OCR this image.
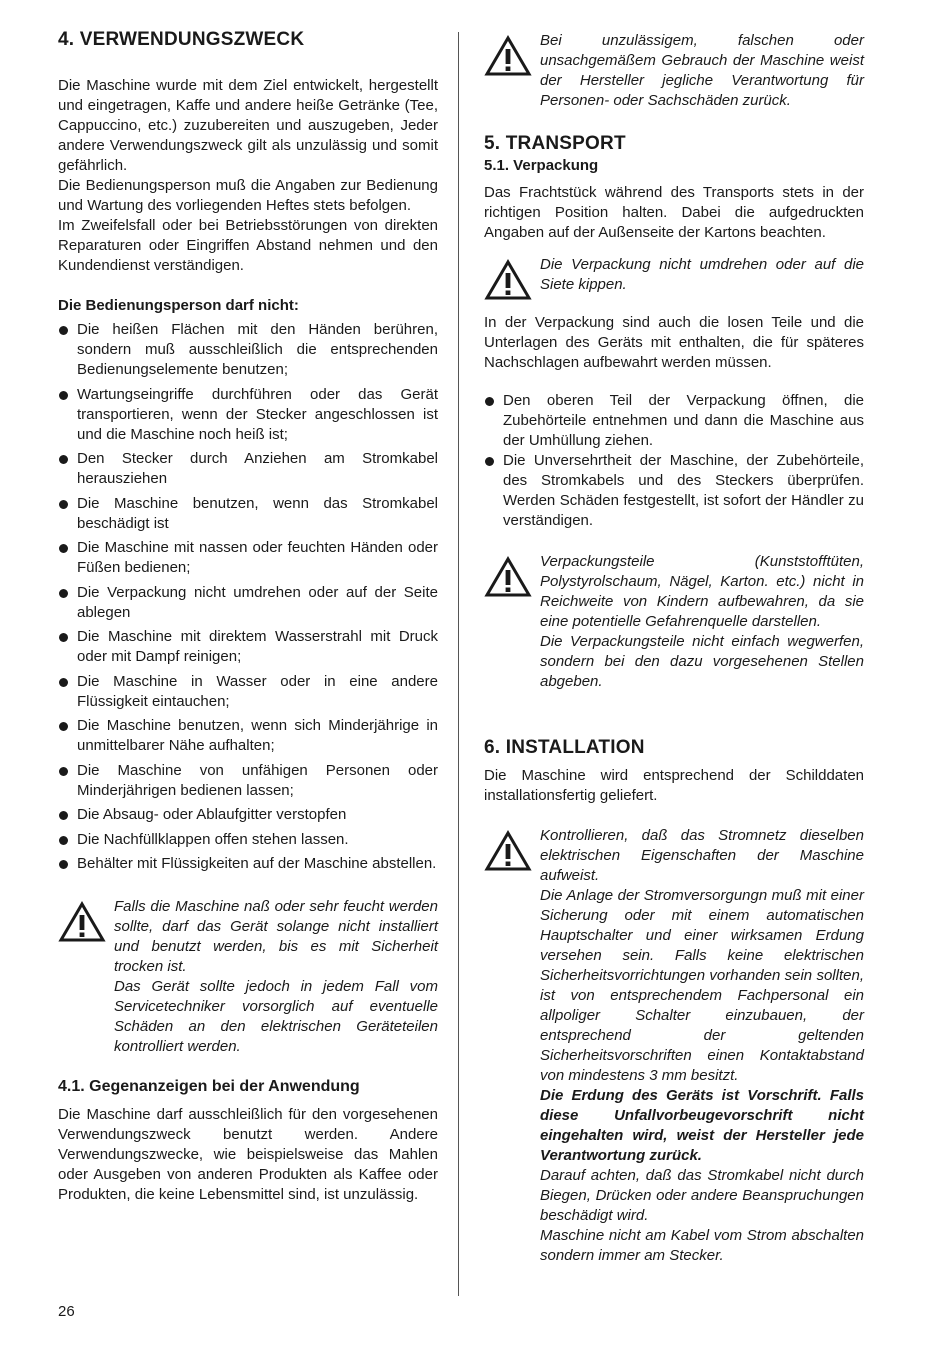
4. VERWENDUNGSZWECK

Die Maschine wurde mit dem Ziel entwickelt, hergestellt und eingetragen, Kaffe und andere heiße Getränke (Tee, Cappuccino, etc.) zuzubereiten und auszugeben, Jeder andere Verwendungszweck gilt als unzulässig und somit gefährlich.

Die Bedienungsperson muß die Angaben zur Bedienung und Wartung des vorliegenden Heftes stets befolgen.

Im Zweifelsfall oder bei Betriebsstörungen von direkten Reparaturen oder Eingriffen Abstand nehmen und den Kundendienst verständigen.

Die Bedienungsperson darf nicht:

Die heißen Flächen mit den Händen berühren, sondern muß ausschleißlich die entsprechenden Bedienungselemente benutzen;
Wartungseingriffe durchführen oder das Gerät transportieren, wenn der Stecker angeschlossen ist und die Maschine noch heiß ist;
Den Stecker durch Anziehen am Stromkabel herausziehen
Die Maschine benutzen, wenn das Stromkabel beschädigt ist
Die Maschine mit nassen oder feuchten Händen oder Füßen bedienen;
Die Verpackung nicht umdrehen oder auf der Seite ablegen
Die Maschine mit direktem Wasserstrahl mit Druck oder mit Dampf reinigen;
Die Maschine in Wasser oder in eine andere Flüssigkeit eintauchen;
Die Maschine benutzen, wenn sich Minderjährige in unmittelbarer Nähe aufhalten;
Die Maschine von unfähigen Personen oder Minderjährigen bedienen lassen;
Die Absaug- oder Ablaufgitter verstopfen
Die Nachfüllklappen offen stehen lassen.
Behälter mit Flüssigkeiten auf der Maschine abstellen.

Falls die Maschine naß oder sehr feucht werden sollte, darf das Gerät solange nicht installiert und benutzt werden, bis es mit Sicherheit trocken ist.

Das Gerät sollte jedoch in jedem Fall vom Servicetechniker vorsorglich auf eventuelle Schäden an den elektrischen Geräteteilen kontrolliert werden.

4.1. Gegenanzeigen bei der Anwendung

Die Maschine darf ausschleißlich für den vorgesehenen Verwendungszweck benutzt werden. Andere Verwendungszwecke, wie beispielsweise das Mahlen oder Ausgeben von anderen Produkten als Kaffee oder Produkten, die keine Lebensmittel sind, ist unzulässig.

Bei unzulässigem, falschen oder unsachgemäßem Gebrauch der Maschine weist der Hersteller jegliche Verantwortung für Personen- oder Sachschäden zurück.

5. TRANSPORT
5.1. Verpackung

Das Frachtstück während des Transports stets in der richtigen Position halten. Dabei die aufgedruckten Angaben auf der Außenseite der Kartons beachten.

Die Verpackung nicht umdrehen oder auf die Siete kippen.

In der Verpackung sind auch die losen Teile und die Unterlagen des Geräts mit enthalten, die für späteres Nachschlagen aufbewahrt werden müssen.

Den oberen Teil der Verpackung öffnen, die Zubehörteile entnehmen und dann die Maschine aus der Umhüllung ziehen.
Die Unversehrtheit der Maschine, der Zubehörteile, des Stromkabels und des Steckers überprüfen. Werden Schäden festgestellt, ist sofort der Händler zu verständigen.

Verpackungsteile (Kunststofftüten, Polystyrolschaum, Nägel, Karton. etc.) nicht in Reichweite von Kindern aufbewahren, da sie eine potentielle Gefahrenquelle darstellen.

Die Verpackungsteile nicht einfach wegwerfen, sondern bei den dazu vorgesehenen Stellen abgeben.

6. INSTALLATION

Die Maschine wird entsprechend der Schilddaten installationsfertig geliefert.

Kontrollieren, daß das Stromnetz dieselben elektrischen Eigenschaften der Maschine aufweist.

Die Anlage der Stromversorgungn muß mit einer Sicherung oder mit einem automatischen Hauptschalter und einer wirksamen Erdung versehen sein. Falls keine elektrischen Sicherheitsvorrichtungen vorhanden sein sollten, ist von entsprechendem Fachpersonal ein allpoliger Schalter einzubauen, der entsprechend der geltenden Sicherheitsvorschriften einen Kontaktabstand von mindestens 3 mm besitzt.

Die Erdung des Geräts ist Vorschrift. Falls diese Unfallvorbeugevorschrift nicht eingehalten wird, weist der Hersteller jede Verantwortung zurück.

Darauf achten, daß das Stromkabel nicht durch Biegen, Drücken oder andere Beanspruchungen beschädigt wird.

Maschine nicht am Kabel vom Strom abschalten sondern immer am Stecker.

26
